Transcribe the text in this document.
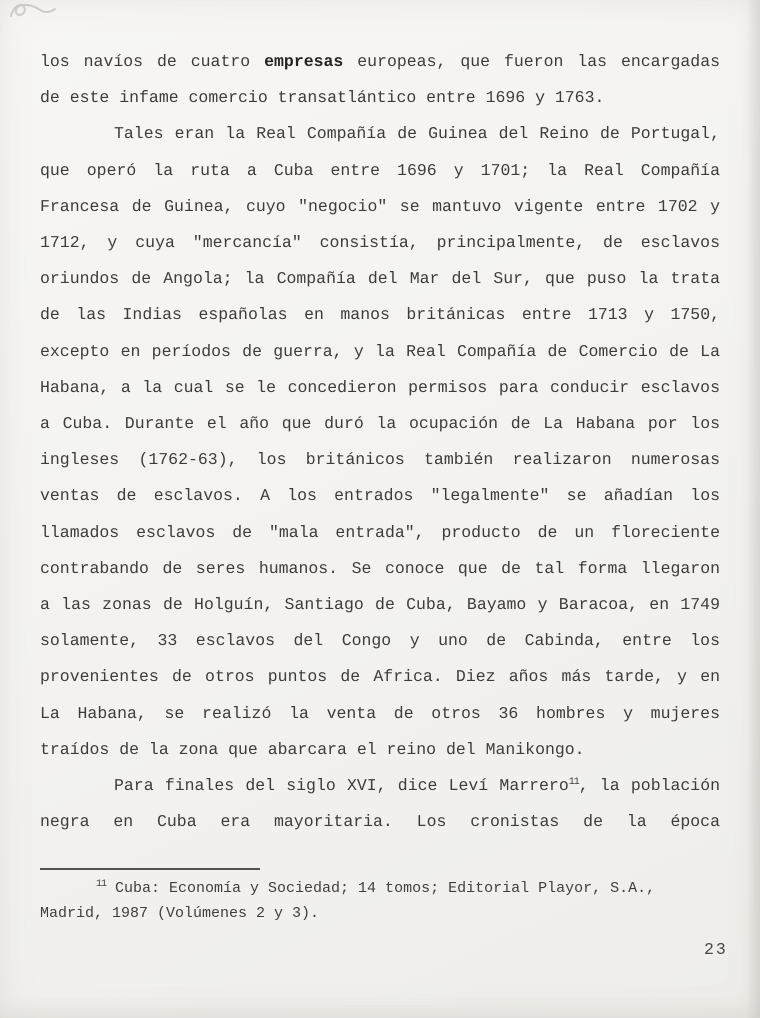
los navíos de cuatro empresas europeas, que fueron las encargadas
de este infame comercio transatlántico entre 1696 y 1763.
Tales eran la Real Compañía de Guinea del Reino de Portugal,
que operó la ruta a Cuba entre 1696 y 1701; la Real Compañía
Francesa de Guinea, cuyo "negocio" se mantuvo vigente entre 1702 y
1712, y cuya "mercancía" consistía, principalmente, de esclavos
oriundos de Angola; la Compañía del Mar del Sur, que puso la trata
de las Indias españolas en manos británicas entre 1713 y 1750,
excepto en períodos de guerra, y la Real Compañía de Comercio de La
Habana, a la cual se le concedieron permisos para conducir esclavos
a Cuba. Durante el año que duró la ocupación de La Habana por los
ingleses (1762-63), los británicos también realizaron numerosas
ventas de esclavos. A los entrados "legalmente" se añadían los
llamados esclavos de "mala entrada", producto de un floreciente
contrabando de seres humanos. Se conoce que de tal forma llegaron
a las zonas de Holguín, Santiago de Cuba, Bayamo y Baracoa, en 1749
solamente, 33 esclavos del Congo y uno de Cabinda, entre los
provenientes de otros puntos de Africa. Diez años más tarde, y en
La Habana, se realizó la venta de otros 36 hombres y mujeres
traídos de la zona que abarcara el reino del Manikongo.
Para finales del siglo XVI, dice Leví Marrero$^{11}$, la población
negra en Cuba era mayoritaria. Los cronistas de la época
$^{11}$ Cuba: Economía y Sociedad; 14 tomos; Editorial Playor, S.A.,
Madrid, 1987 (Volúmenes 2 y 3).
23
